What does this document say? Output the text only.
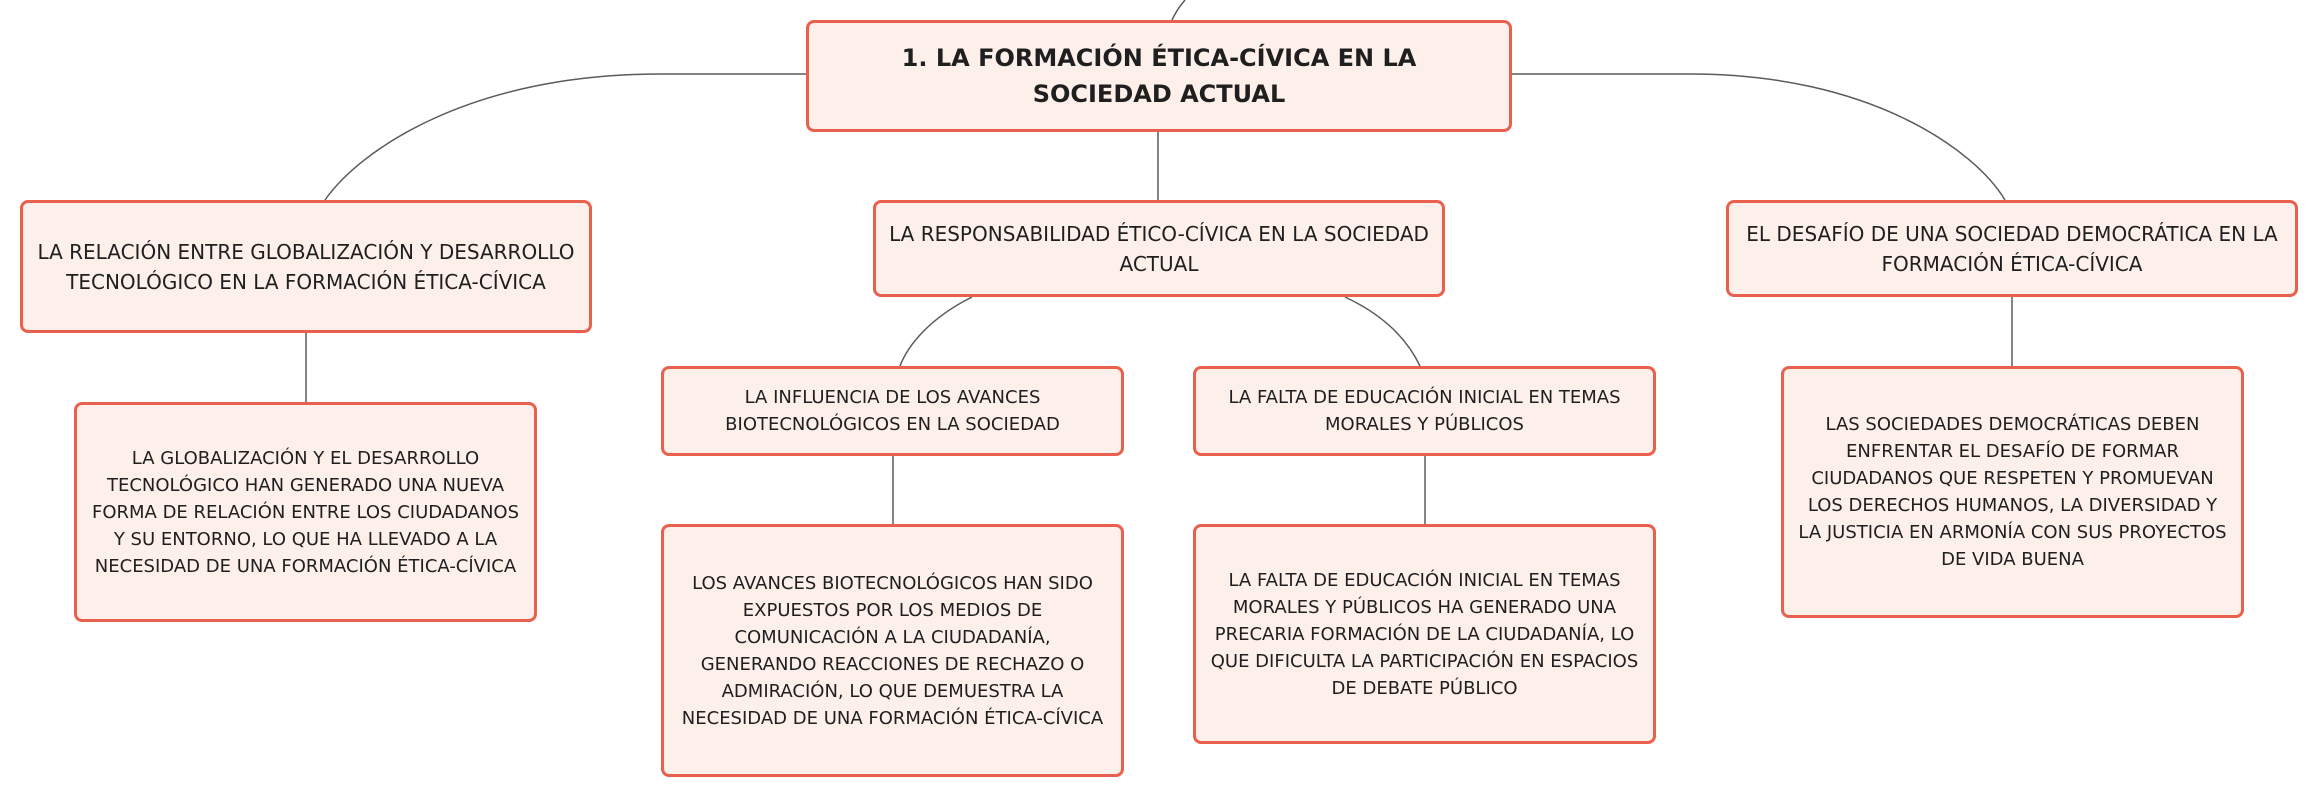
1. LA FORMACIÓN ÉTICA-CÍVICA EN LA SOCIEDAD ACTUAL
LA RELACIÓN ENTRE GLOBALIZACIÓN Y DESARROLLO TECNOLÓGICO EN LA FORMACIÓN ÉTICA-CÍVICA
LA RESPONSABILIDAD ÉTICO-CÍVICA EN LA SOCIEDAD ACTUAL
EL DESAFÍO DE UNA SOCIEDAD DEMOCRÁTICA EN LA FORMACIÓN ÉTICA-CÍVICA
LA GLOBALIZACIÓN Y EL DESARROLLO TECNOLÓGICO HAN GENERADO UNA NUEVA FORMA DE RELACIÓN ENTRE LOS CIUDADANOS Y SU ENTORNO, LO QUE HA LLEVADO A LA NECESIDAD DE UNA FORMACIÓN ÉTICA-CÍVICA
LA INFLUENCIA DE LOS AVANCES BIOTECNOLÓGICOS EN LA SOCIEDAD
LA FALTA DE EDUCACIÓN INICIAL EN TEMAS MORALES Y PÚBLICOS
LOS AVANCES BIOTECNOLÓGICOS HAN SIDO EXPUESTOS POR LOS MEDIOS DE COMUNICACIÓN A LA CIUDADANÍA, GENERANDO REACCIONES DE RECHAZO O ADMIRACIÓN, LO QUE DEMUESTRA LA NECESIDAD DE UNA FORMACIÓN ÉTICA-CÍVICA
LA FALTA DE EDUCACIÓN INICIAL EN TEMAS MORALES Y PÚBLICOS HA GENERADO UNA PRECARIA FORMACIÓN DE LA CIUDADANÍA, LO QUE DIFICULTA LA PARTICIPACIÓN EN ESPACIOS DE DEBATE PÚBLICO
LAS SOCIEDADES DEMOCRÁTICAS DEBEN ENFRENTAR EL DESAFÍO DE FORMAR CIUDADANOS QUE RESPETEN Y PROMUEVAN LOS DERECHOS HUMANOS, LA DIVERSIDAD Y LA JUSTICIA EN ARMONÍA CON SUS PROYECTOS DE VIDA BUENA
